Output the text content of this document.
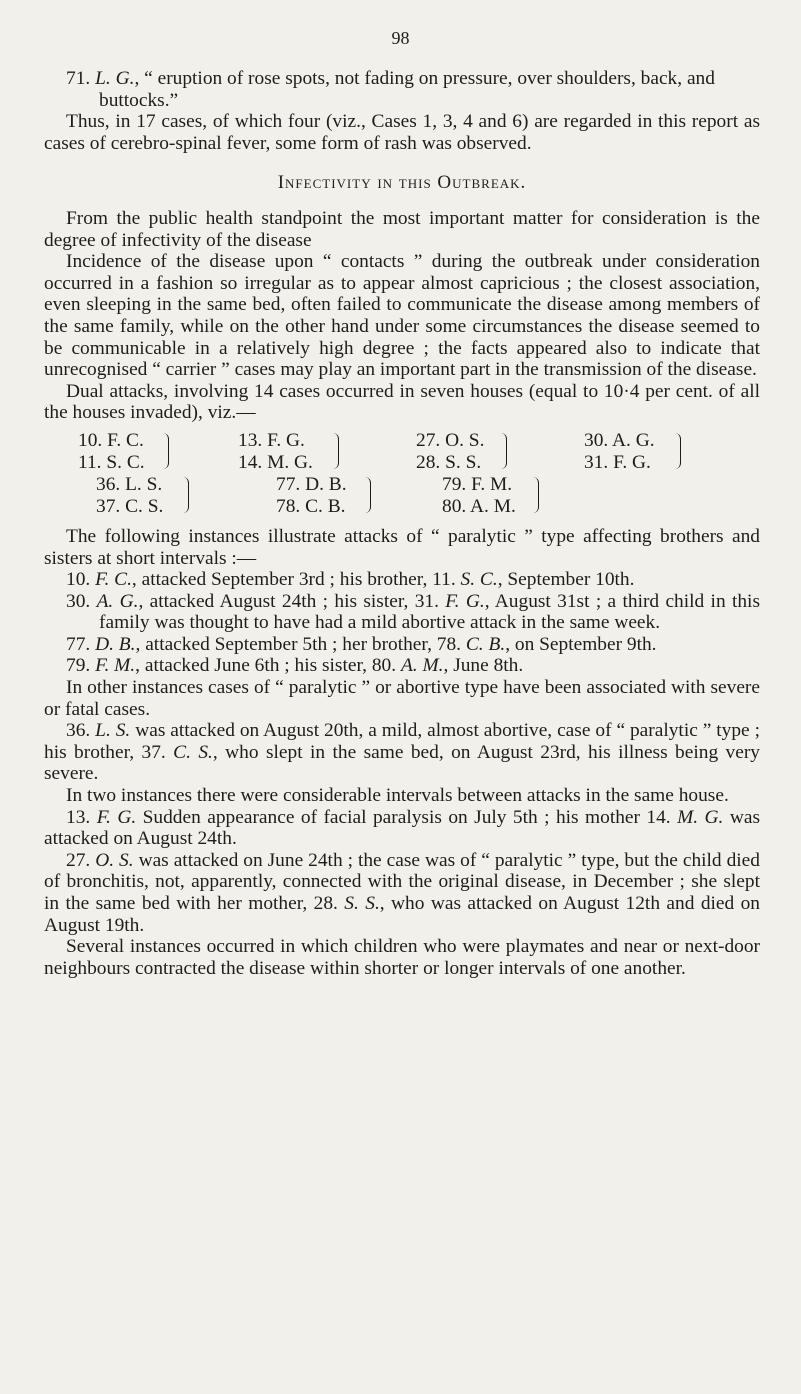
98

71. L. G., “ eruption of rose spots, not fading on pressure, over shoulders, back, and buttocks.”

Thus, in 17 cases, of which four (viz., Cases 1, 3, 4 and 6) are regarded in this report as cases of cerebro-spinal fever, some form of rash was observed.

Infectivity in this Outbreak.

From the public health standpoint the most important matter for consideration is the degree of infectivity of the disease

Incidence of the disease upon “ contacts ” during the outbreak under consideration occurred in a fashion so irregular as to appear almost capricious ; the closest association, even sleeping in the same bed, often failed to communicate the disease among members of the same family, while on the other hand under some circumstances the disease seemed to be communicable in a relatively high degree ; the facts appeared also to indicate that unrecognised “ carrier ” cases may play an important part in the transmission of the disease.

Dual attacks, involving 14 cases occurred in seven houses (equal to 10·4 per cent. of all the houses invaded), viz.—

10. F. C.
11. S. C.
13. F. G.
14. M. G.
27. O. S.
28. S. S.
30. A. G.
31. F. G.
36. L. S.
37. C. S.
77. D. B.
78. C. B.
79. F. M.
80. A. M.

The following instances illustrate attacks of “ paralytic ” type affecting brothers and sisters at short intervals :—

10. F. C., attacked September 3rd ; his brother, 11. S. C., September 10th.

30. A. G., attacked August 24th ; his sister, 31. F. G., August 31st ; a third child in this family was thought to have had a mild abortive attack in the same week.

77. D. B., attacked September 5th ; her brother, 78. C. B., on September 9th.

79. F. M., attacked June 6th ; his sister, 80. A. M., June 8th.

In other instances cases of “ paralytic ” or abortive type have been associated with severe or fatal cases.

36. L. S. was attacked on August 20th, a mild, almost abortive, case of “ paralytic ” type ; his brother, 37. C. S., who slept in the same bed, on August 23rd, his illness being very severe.

In two instances there were considerable intervals between attacks in the same house.

13. F. G. Sudden appearance of facial paralysis on July 5th ; his mother 14. M. G. was attacked on August 24th.

27. O. S. was attacked on June 24th ; the case was of “ paralytic ” type, but the child died of bronchitis, not, apparently, connected with the original disease, in December ; she slept in the same bed with her mother, 28. S. S., who was attacked on August 12th and died on August 19th.

Several instances occurred in which children who were playmates and near or next-door neighbours contracted the disease within shorter or longer intervals of one another.
